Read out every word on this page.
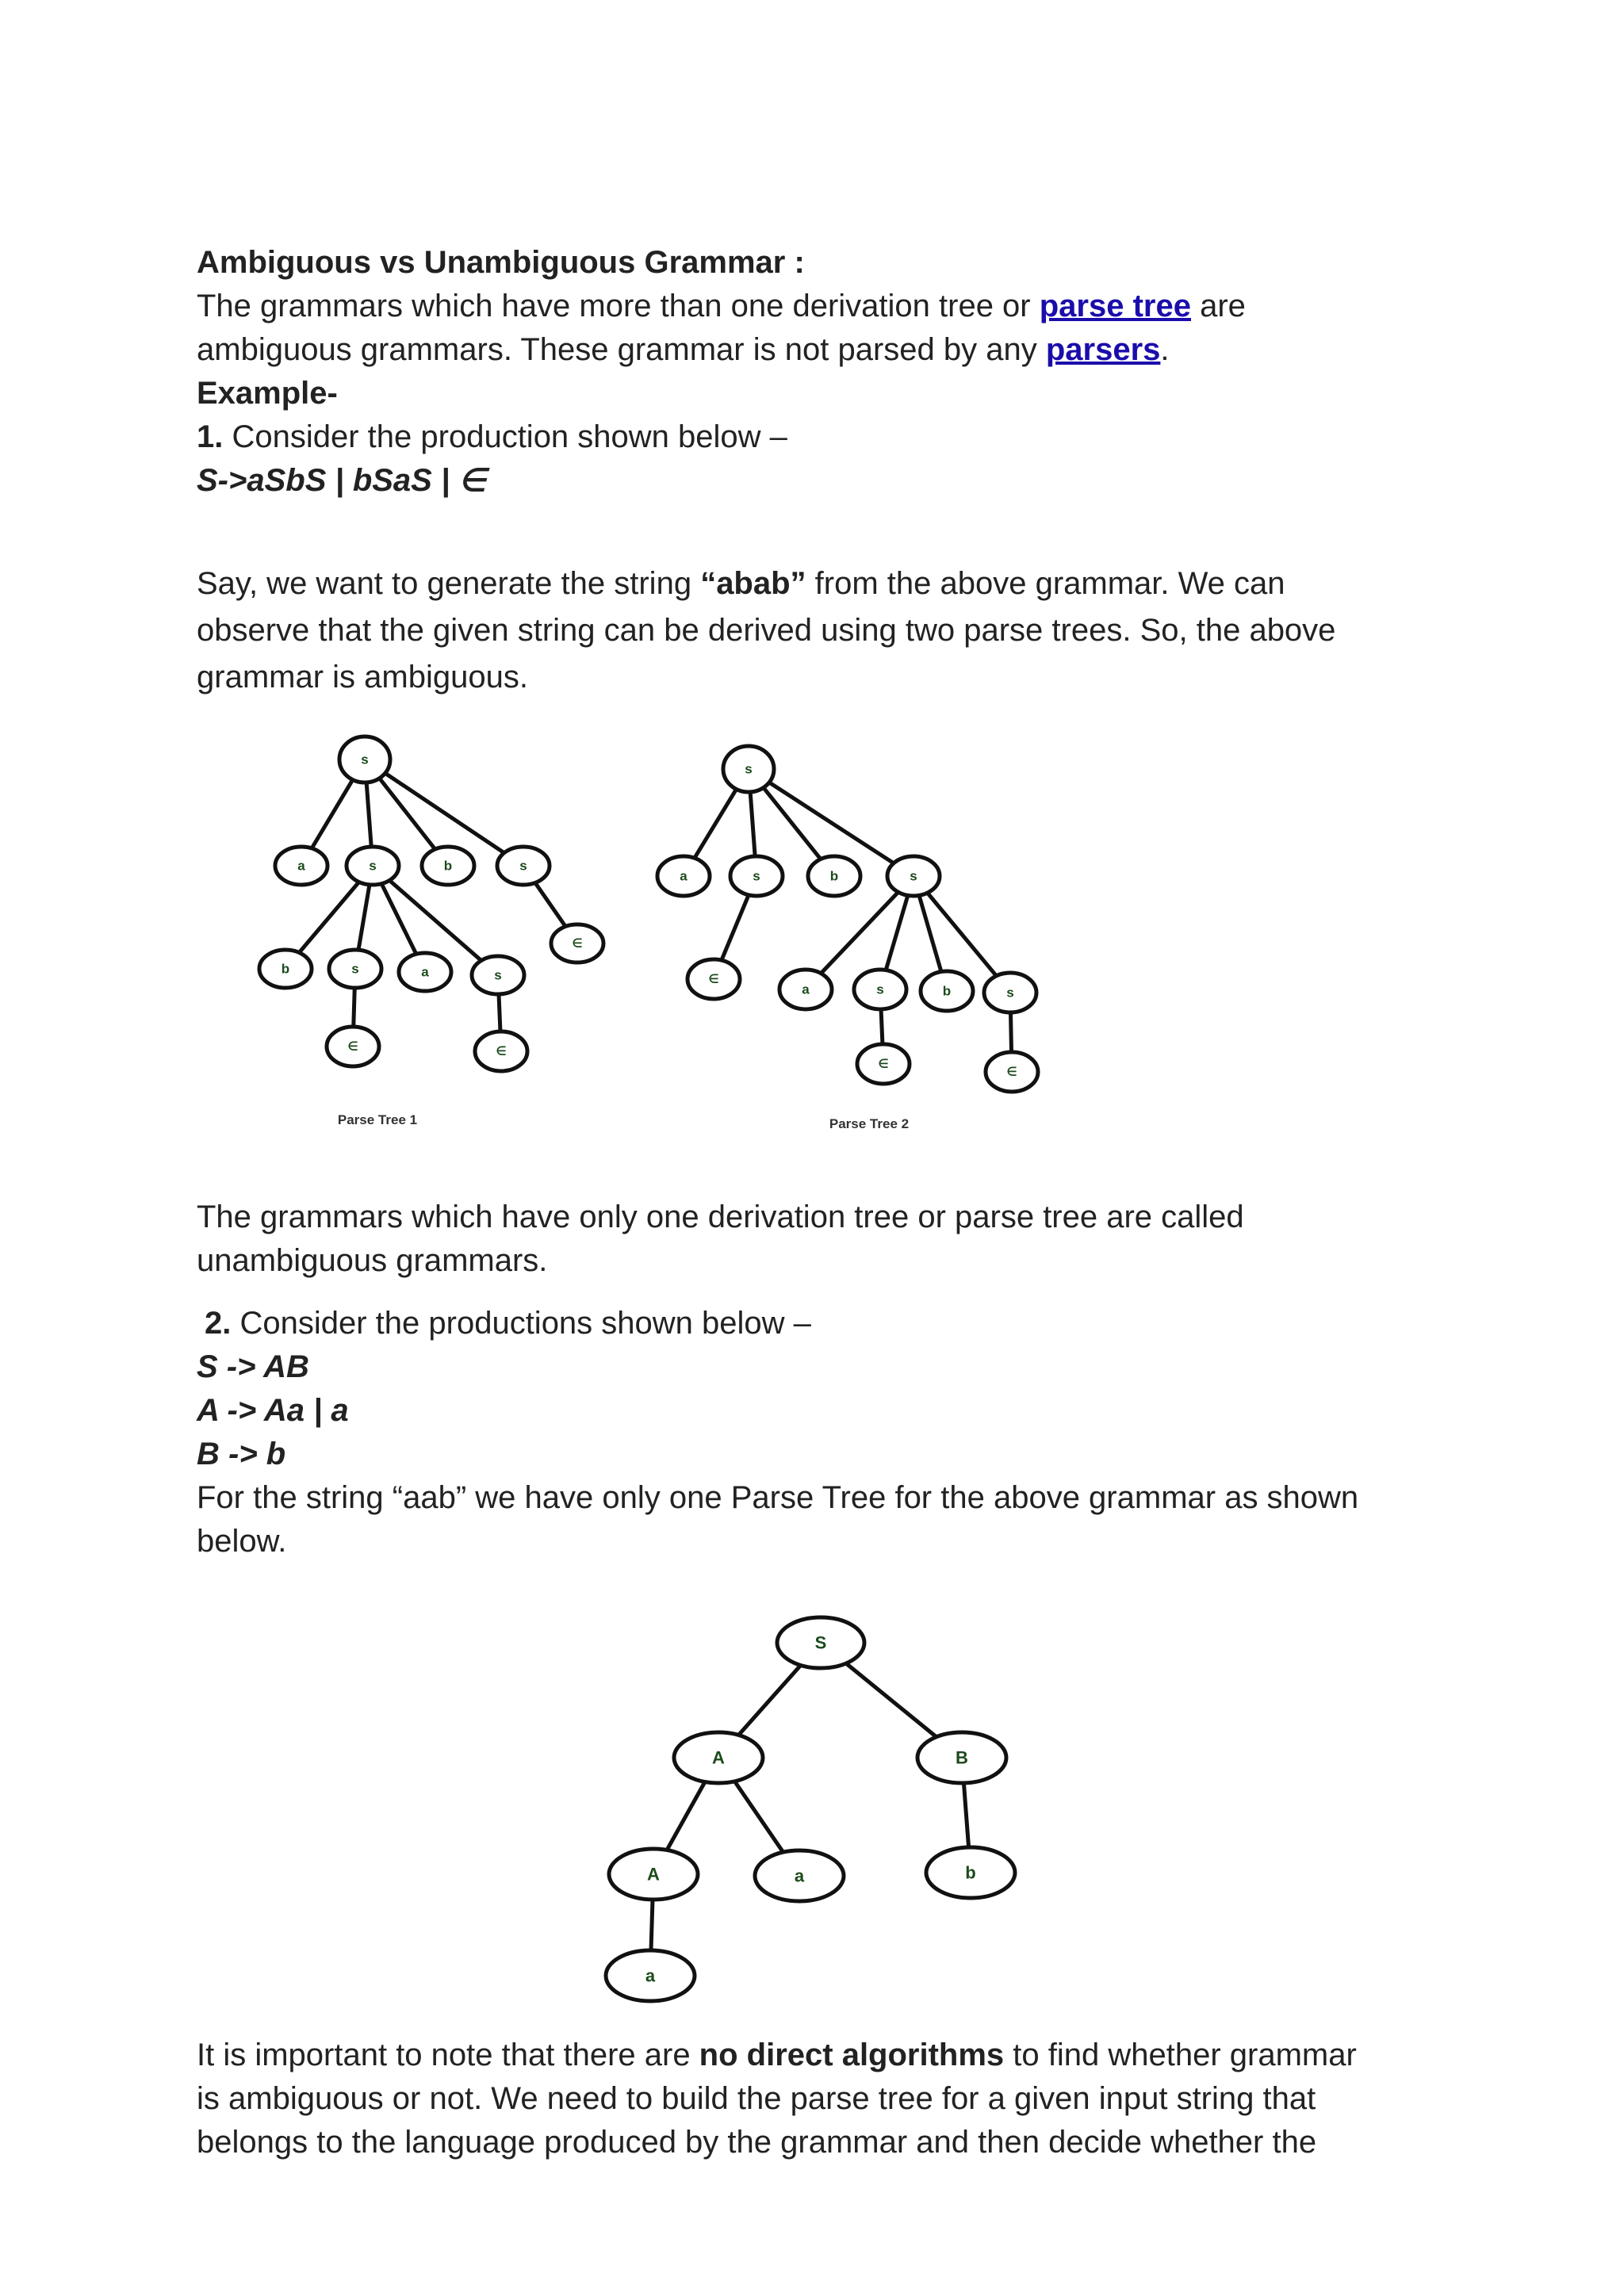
Ambiguous vs Unambiguous Grammar :
The grammars which have more than one derivation tree or parse tree are
ambiguous grammars. These grammar is not parsed by any parsers.
Example-
1. Consider the production shown below –
S->aSbS | bSaS | ∈
Say, we want to generate the string “abab” from the above grammar. We can
observe that the given string can be derived using two parse trees. So, the above
grammar is ambiguous.
s
a	s	b	s
∈
b	s	a	s
∈	∈
Parse Tree 1
s
a	s	b	s
∈
a	s	b	s
∈
∈
Parse Tree 2
The grammars which have only one derivation tree or parse tree are called
unambiguous grammars.
2. Consider the productions shown below –
S -> AB
A -> Aa | a
B -> b
For the string “aab” we have only one Parse Tree for the above grammar as shown
below.
S
A	B
A	a	b
a
It is important to note that there are no direct algorithms to find whether grammar
is ambiguous or not. We need to build the parse tree for a given input string that
belongs to the language produced by the grammar and then decide whether the
